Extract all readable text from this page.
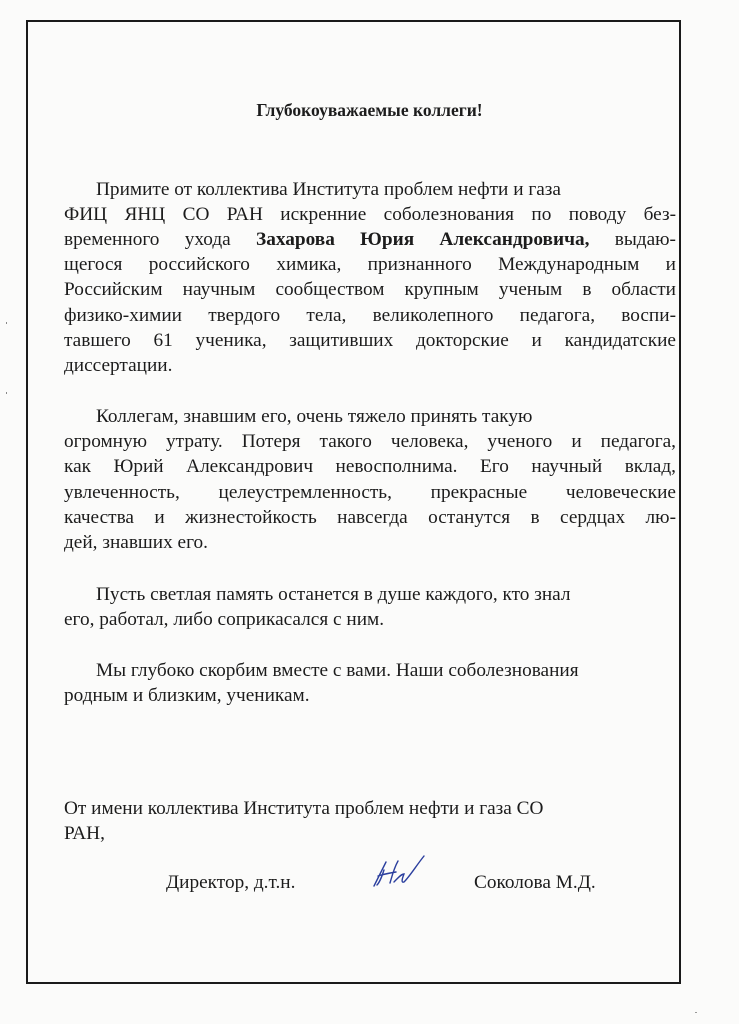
Глубокоуважаемые коллеги!
Примите от коллектива Института проблем нефти и газа
ФИЦ ЯНЦ СО РАН искренние соболезнования по поводу без-
временного ухода Захарова Юрия Александровича, выдаю-
щегося российского химика, признанного Международным и
Российским научным сообществом крупным ученым в области
физико-химии твердого тела, великолепного педагога, воспи-
тавшего 61 ученика, защитивших докторские и кандидатские
диссертации.
Коллегам, знавшим его, очень тяжело принять такую
огромную утрату. Потеря такого человека, ученого и педагога,
как Юрий Александрович невосполнима. Его научный вклад,
увлеченность, целеустремленность, прекрасные человеческие
качества и жизнестойкость навсегда останутся в сердцах лю-
дей, знавших его.
Пусть светлая память останется в душе каждого, кто знал
его, работал, либо соприкасался с ним.
Мы глубоко скорбим вместе с вами. Наши соболезнования
родным и близким, ученикам.
От имени коллектива Института проблем нефти и газа СО
РАН,
Директор, д.т.н.	Соколова М.Д.
